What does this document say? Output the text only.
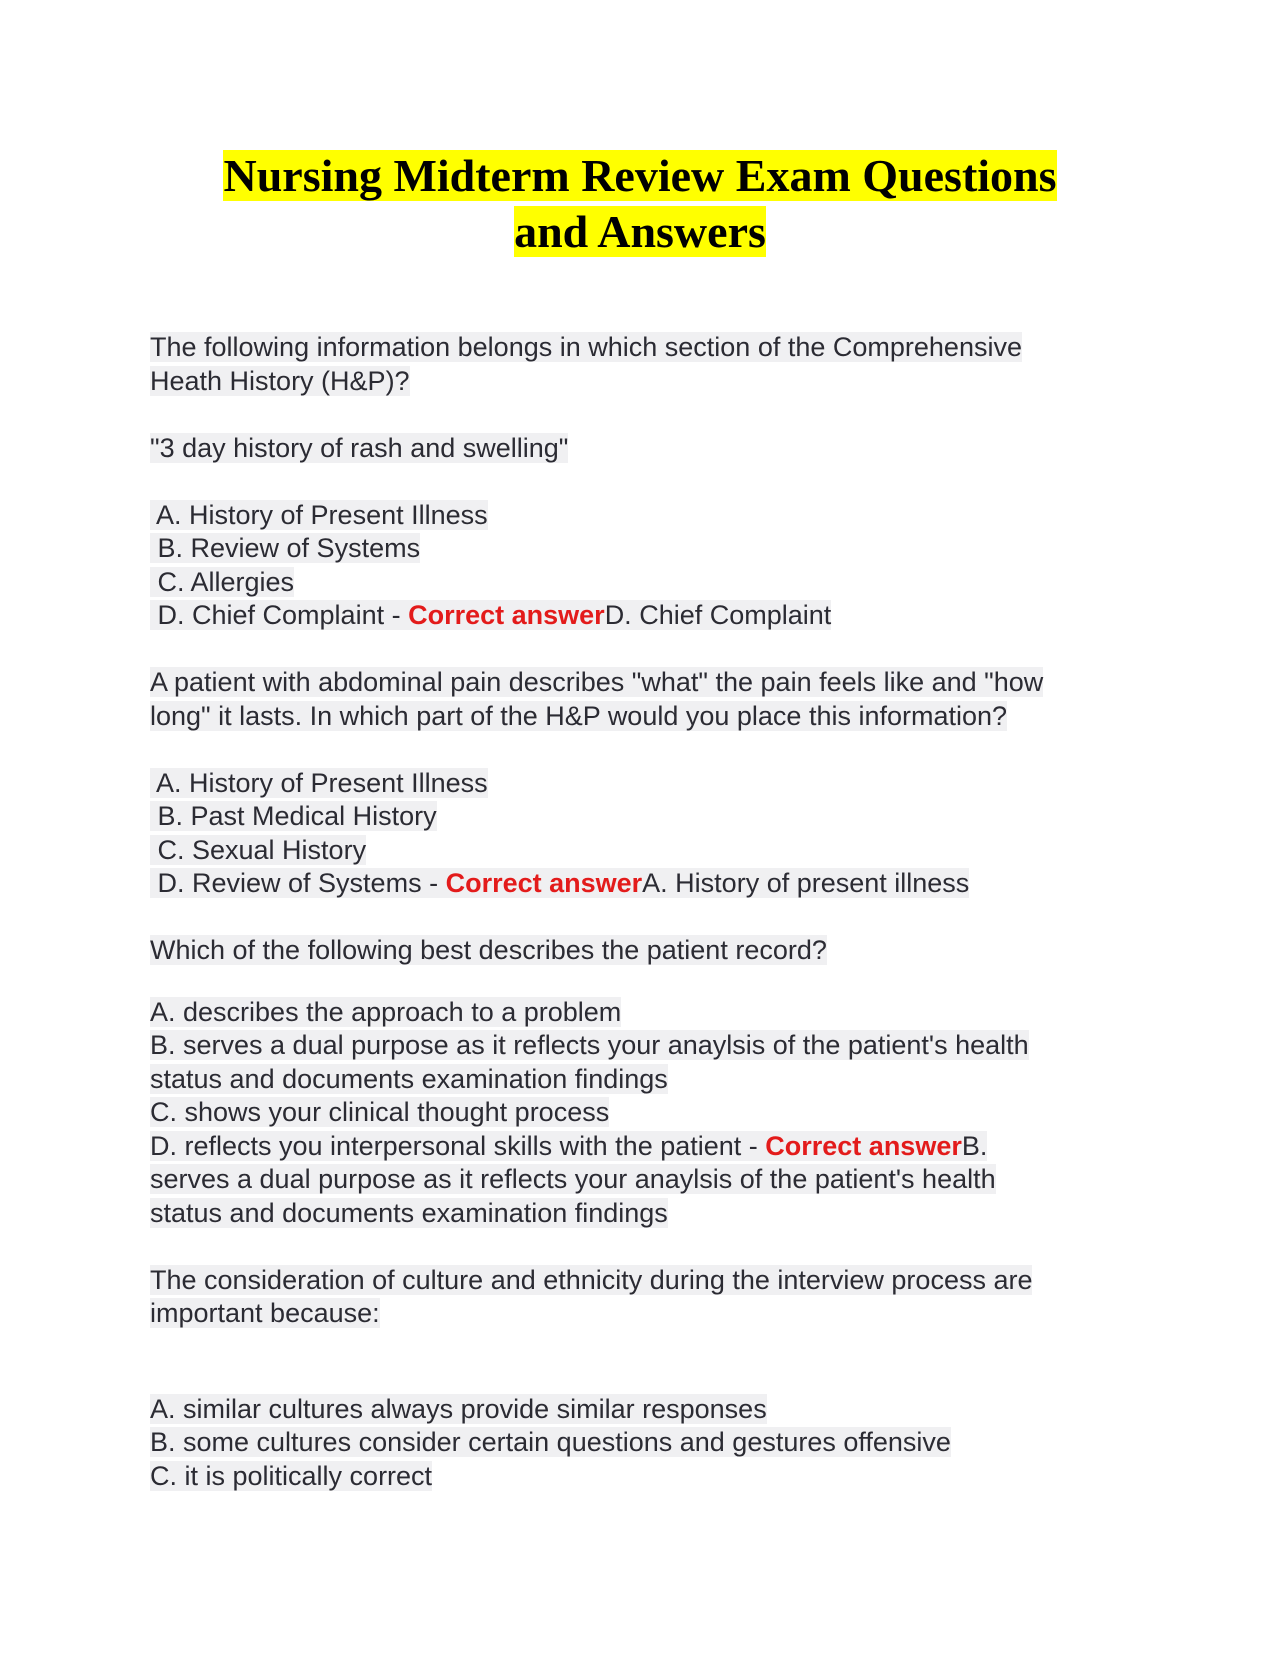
Nursing Midterm Review Exam Questions
and Answers
The following information belongs in which section of the Comprehensive
Heath History (H&P)?
"3 day history of rash and swelling"
A. History of Present Illness
B. Review of Systems
C. Allergies
D. Chief Complaint - Correct answerD. Chief Complaint
A patient with abdominal pain describes "what" the pain feels like and "how
long" it lasts. In which part of the H&P would you place this information?
A. History of Present Illness
B. Past Medical History
C. Sexual History
D. Review of Systems - Correct answerA. History of present illness
Which of the following best describes the patient record?
A. describes the approach to a problem
B. serves a dual purpose as it reflects your anaylsis of the patient's health
status and documents examination findings
C. shows your clinical thought process
D. reflects you interpersonal skills with the patient - Correct answerB.
serves a dual purpose as it reflects your anaylsis of the patient's health
status and documents examination findings
The consideration of culture and ethnicity during the interview process are
important because:
A. similar cultures always provide similar responses
B. some cultures consider certain questions and gestures offensive
C. it is politically correct
